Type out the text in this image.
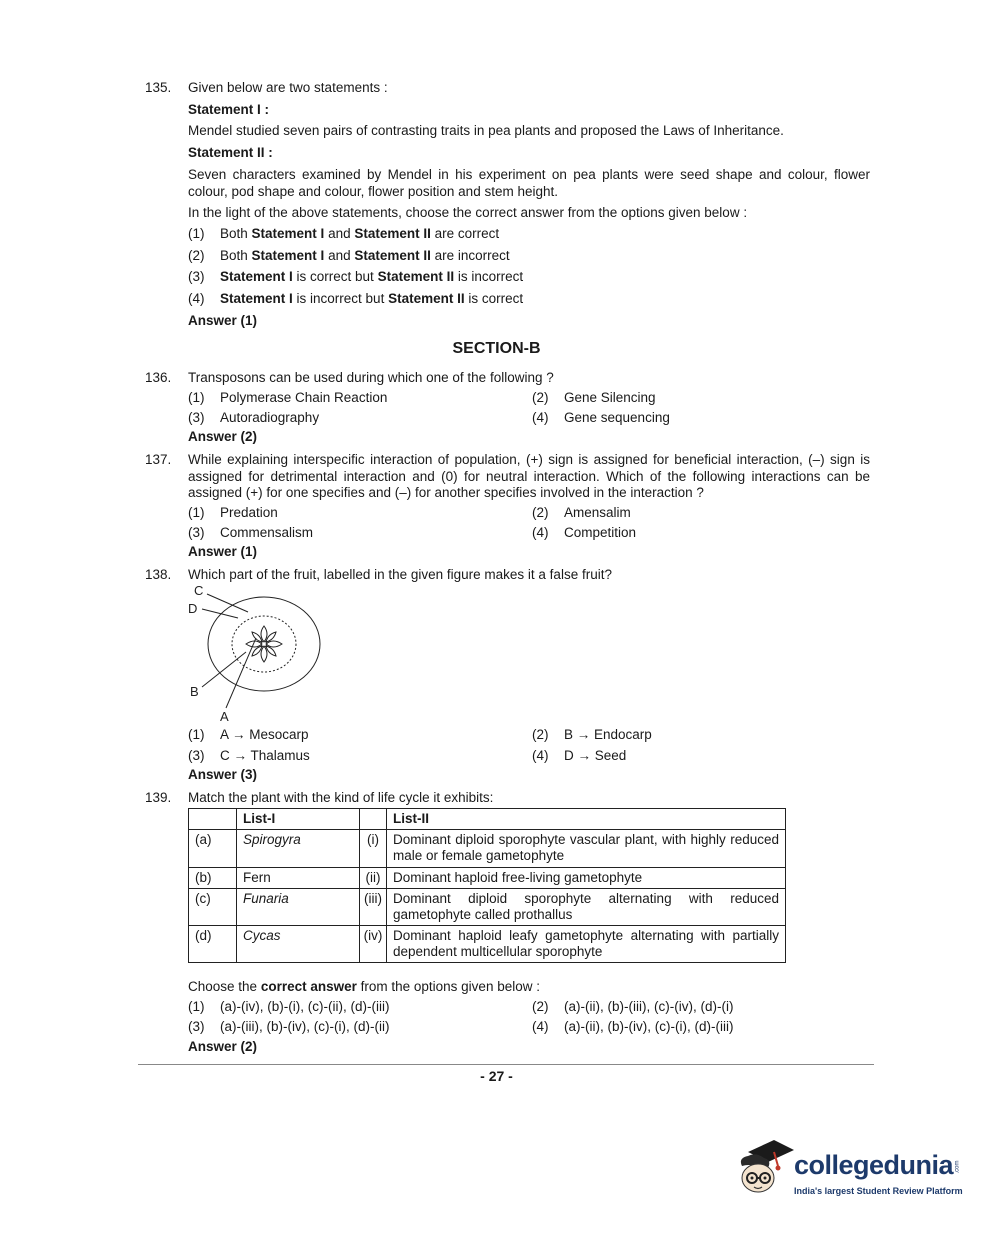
135. Given below are two statements :
Statement I :
Mendel studied seven pairs of contrasting traits in pea plants and proposed the Laws of Inheritance.
Statement II :
Seven characters examined by Mendel in his experiment on pea plants were seed shape and colour, flower colour, pod shape and colour, flower position and stem height.
In the light of the above statements, choose the correct answer from the options given below :
(1) Both Statement I and Statement II are correct
(2) Both Statement I and Statement II are incorrect
(3) Statement I is correct but Statement II is incorrect
(4) Statement I is incorrect but Statement II is correct
Answer (1)
SECTION-B
136. Transposons can be used during which one of the following ?
(1) Polymerase Chain Reaction	(2) Gene Silencing
(3) Autoradiography	(4) Gene sequencing
Answer (2)
137. While explaining interspecific interaction of population, (+) sign is assigned for beneficial interaction, (–) sign is assigned for detrimental interaction and (0) for neutral interaction. Which of the following interactions can be assigned (+) for one specifies and (–) for another specifies involved in the interaction ?
(1) Predation	(2) Amensalim
(3) Commensalism	(4) Competition
Answer (1)
138. Which part of the fruit, labelled in the given figure makes it a false fruit?
C
D
B
A
(1) A → Mesocarp	(2) B → Endocarp
(3) C → Thalamus	(4) D → Seed
Answer (3)
139. Match the plant with the kind of life cycle it exhibits:
	List-I		List-II
(a)	Spirogyra	(i)	Dominant diploid sporophyte vascular plant, with highly reduced male or female gametophyte
(b)	Fern	(ii)	Dominant haploid free-living gametophyte
(c)	Funaria	(iii)	Dominant diploid sporophyte alternating with reduced gametophyte called prothallus
(d)	Cycas	(iv)	Dominant haploid leafy gametophyte alternating with partially dependent multicellular sporophyte
Choose the correct answer from the options given below :
(1) (a)-(iv), (b)-(i), (c)-(ii), (d)-(iii)	(2) (a)-(ii), (b)-(iii), (c)-(iv), (d)-(i)
(3) (a)-(iii), (b)-(iv), (c)-(i), (d)-(ii)	(4) (a)-(ii), (b)-(iv), (c)-(i), (d)-(iii)
Answer (2)
- 27 -
collegedunia .com
India's largest Student Review Platform
